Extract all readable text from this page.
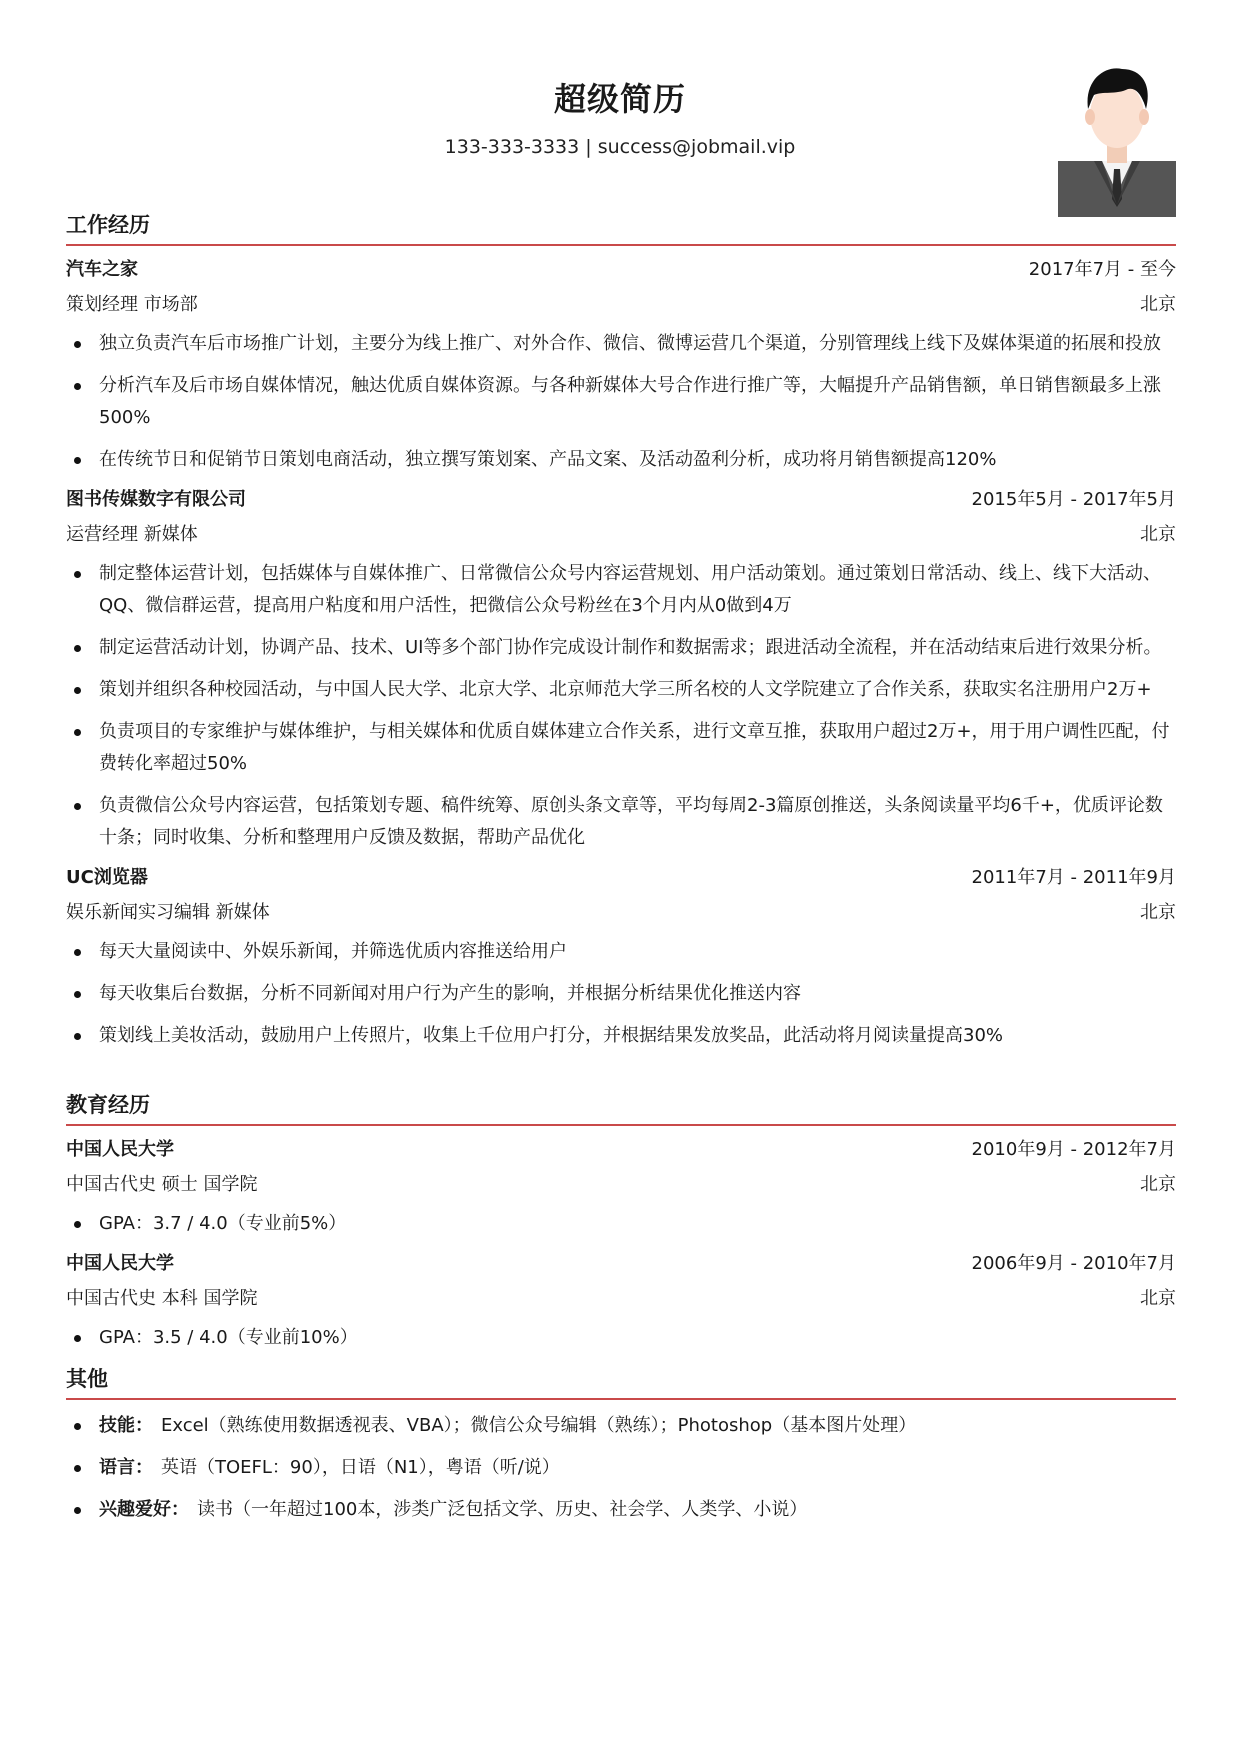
超级简历
133-333-3333 | success@jobmail.vip
工作经历
汽车之家	2017年7月 - 至今
策划经理 市场部	北京
独立负责汽车后市场推广计划，主要分为线上推广、对外合作、微信、微博运营几个渠道，分别管理线上线下及媒体渠道的拓展和投放
分析汽车及后市场自媒体情况，触达优质自媒体资源。与各种新媒体大号合作进行推广等，大幅提升产品销售额，单日销售额最多上涨500%
在传统节日和促销节日策划电商活动，独立撰写策划案、产品文案、及活动盈利分析，成功将月销售额提高120%
图书传媒数字有限公司	2015年5月 - 2017年5月
运营经理 新媒体	北京
制定整体运营计划，包括媒体与自媒体推广、日常微信公众号内容运营规划、用户活动策划。通过策划日常活动、线上、线下大活动、QQ、微信群运营，提高用户粘度和用户活性，把微信公众号粉丝在3个月内从0做到4万
制定运营活动计划，协调产品、技术、UI等多个部门协作完成设计制作和数据需求；跟进活动全流程，并在活动结束后进行效果分析。
策划并组织各种校园活动，与中国人民大学、北京大学、北京师范大学三所名校的人文学院建立了合作关系，获取实名注册用户2万+
负责项目的专家维护与媒体维护，与相关媒体和优质自媒体建立合作关系，进行文章互推，获取用户超过2万+，用于用户调性匹配，付费转化率超过50%
负责微信公众号内容运营，包括策划专题、稿件统筹、原创头条文章等，平均每周2-3篇原创推送，头条阅读量平均6千+，优质评论数十条；同时收集、分析和整理用户反馈及数据，帮助产品优化
UC浏览器	2011年7月 - 2011年9月
娱乐新闻实习编辑 新媒体	北京
每天大量阅读中、外娱乐新闻，并筛选优质内容推送给用户
每天收集后台数据，分析不同新闻对用户行为产生的影响，并根据分析结果优化推送内容
策划线上美妆活动，鼓励用户上传照片，收集上千位用户打分，并根据结果发放奖品，此活动将月阅读量提高30%
教育经历
中国人民大学	2010年9月 - 2012年7月
中国古代史 硕士 国学院	北京
GPA：3.7 / 4.0（专业前5%）
中国人民大学	2006年9月 - 2010年7月
中国古代史 本科 国学院	北京
GPA：3.5 / 4.0（专业前10%）
其他
技能： Excel（熟练使用数据透视表、VBA）；微信公众号编辑（熟练）；Photoshop（基本图片处理）
语言： 英语（TOEFL：90），日语（N1），粤语（听/说）
兴趣爱好： 读书（一年超过100本，涉类广泛包括文学、历史、社会学、人类学、小说）
